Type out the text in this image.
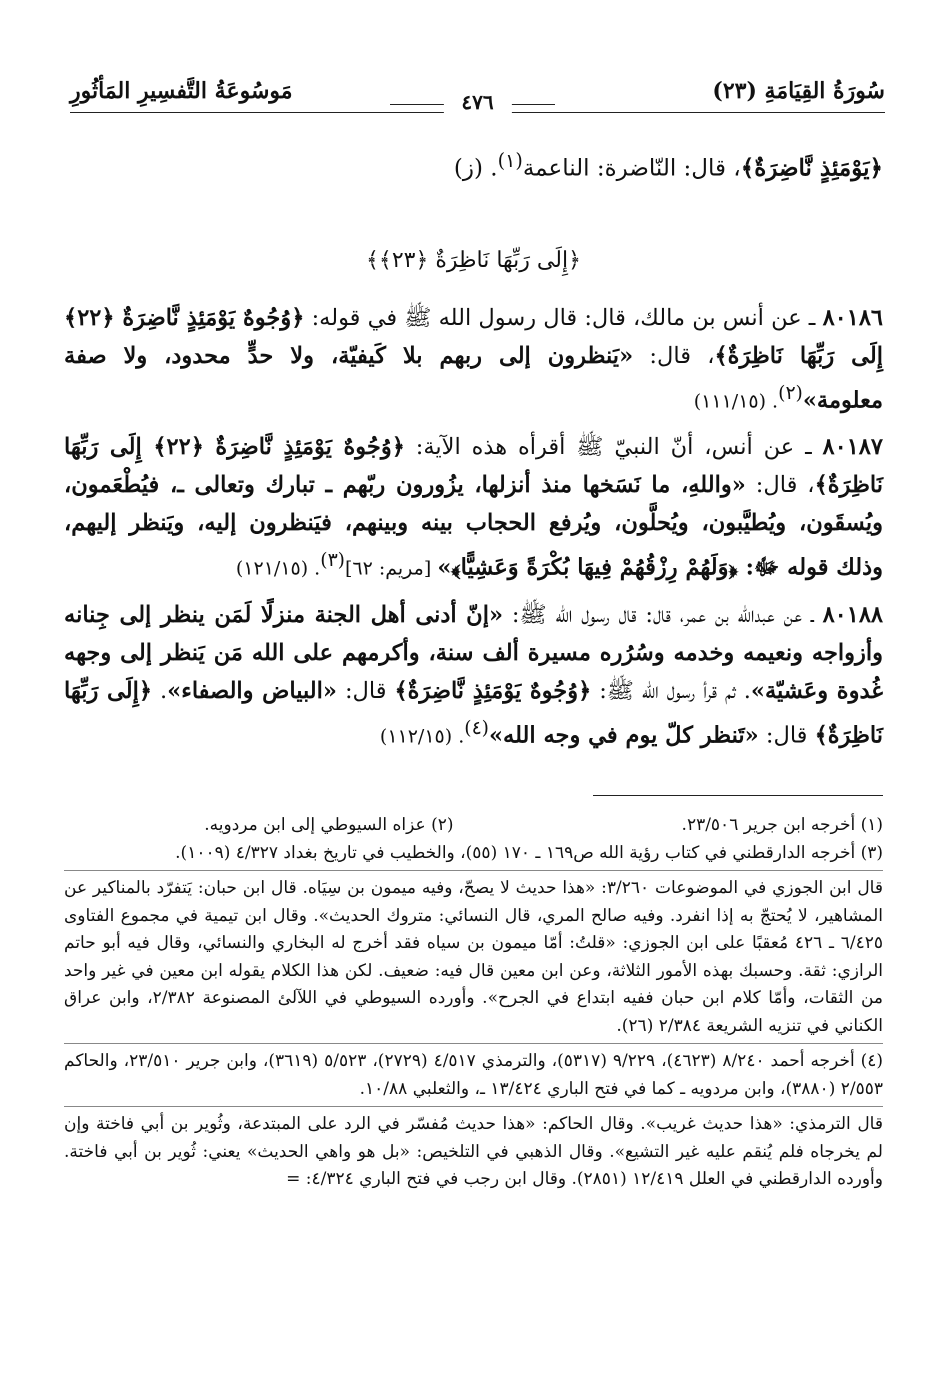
سُورَةُ القِيَامَةِ (٢٣)
٤٧٦
مَوسُوعَةُ التَّفسِيرِ المَأثُورِ

﴿يَوْمَئِذٍ نَّاضِرَةٌ﴾، قال: النّاضرة: الناعمة$^{(١)}$. (ز)

﴿إِلَى رَبِّهَا نَاظِرَةٌ ﴿٢٣﴾﴾

٨٠١٨٦ ـ عن أنس بن مالك، قال: قال رسول الله ﷺ في قوله: ﴿وُجُوهٌ يَوْمَئِذٍ نَّاضِرَةٌ ﴿٢٢﴾ إِلَى رَبِّهَا نَاظِرَةٌ﴾، قال: «يَنظرون إلى ربهم بلا كَيفيّة، ولا حدٍّ محدود، ولا صفة معلومة»$^{(٢)}$. (١١١/١٥)

٨٠١٨٧ ـ عن أنس، أنّ النبيّ ﷺ أقرأه هذه الآية: ﴿وُجُوهٌ يَوْمَئِذٍ نَّاضِرَةٌ ﴿٢٢﴾ إِلَى رَبِّهَا نَاظِرَةٌ﴾، قال: «واللهِ، ما نَسَخها منذ أنزلها، يزُورون ربّهم ـ تبارك وتعالى ـ، فيُطْعَمون، ويُسقَون، ويُطيَّبون، ويُحلَّون، ويُرفع الحجاب بينه وبينهم، فيَنظرون إليه، ويَنظر إليهم، وذلك قوله ﷻ: ﴿وَلَهُمْ رِزْقُهُمْ فِيهَا بُكْرَةً وَعَشِيًّا﴾» [مريم: ٦٢]$^{(٣)}$. (١٢١/١٥)

٨٠١٨٨ ـ عن عبدالله بن عمر، قال: قال رسول الله ﷺ: «إنّ أدنى أهل الجنة منزلًا لَمَن ينظر إلى جِنانه وأزواجه ونعيمه وخدمه وسُرُره مسيرة ألف سنة، وأكرمهم على الله مَن يَنظر إلى وجهه غُدوة وعَشيّة». ثم قرأ رسول الله ﷺ: ﴿وُجُوهٌ يَوْمَئِذٍ نَّاضِرَةٌ﴾ قال: «البياض والصفاء». ﴿إِلَى رَبِّهَا نَاظِرَةٌ﴾ قال: «تَنظر كلّ يوم في وجه الله»$^{(٤)}$. (١١٢/١٥)

(١) أخرجه ابن جرير ٢٣/٥٠٦.
(٢) عزاه السيوطي إلى ابن مردويه.

(٣) أخرجه الدارقطني في كتاب رؤية الله ص١٦٩ ـ ١٧٠ (٥٥)، والخطيب في تاريخ بغداد ٤/٣٢٧ (١٠٠٩).

قال ابن الجوزي في الموضوعات ٣/٢٦٠: «هذا حديث لا يصحّ، وفيه ميمون بن سِيَاه. قال ابن حبان: يَتفرّد بالمناكير عن المشاهير، لا يُحتجّ به إذا انفرد. وفيه صالح المري، قال النسائي: متروك الحديث». وقال ابن تيمية في مجموع الفتاوى ٦/٤٢٥ ـ ٤٢٦ مُعقبًا على ابن الجوزي: «قلتُ: أمّا ميمون بن سياه فقد أخرج له البخاري والنسائي، وقال فيه أبو حاتم الرازي: ثقة. وحسبك بهذه الأمور الثلاثة، وعن ابن معين قال فيه: ضعيف. لكن هذا الكلام يقوله ابن معين في غير واحد من الثقات، وأمّا كلام ابن حبان ففيه ابتداع في الجرح». وأورده السيوطي في اللآلئ المصنوعة ٢/٣٨٢، وابن عراق الكناني في تنزيه الشريعة ٢/٣٨٤ (٢٦).

(٤) أخرجه أحمد ٨/٢٤٠ (٤٦٢٣)، ٩/٢٢٩ (٥٣١٧)، والترمذي ٤/٥١٧ (٢٧٢٩)، ٥/٥٢٣ (٣٦١٩)، وابن جرير ٢٣/٥١٠، والحاكم ٢/٥٥٣ (٣٨٨٠)، وابن مردويه ـ كما في فتح الباري ١٣/٤٢٤ ـ، والثعلبي ١٠/٨٨.

قال الترمذي: «هذا حديث غريب». وقال الحاكم: «هذا حديث مُفسّر في الرد على المبتدعة، وثُوير بن أبي فاختة وإن لم يخرجاه فلم يُنقم عليه غير التشيع». وقال الذهبي في التلخيص: «بل هو واهي الحديث» يعني: ثُوير بن أبي فاختة. وأورده الدارقطني في العلل ١٢/٤١٩ (٢٨٥١). وقال ابن رجب في فتح الباري ٤/٣٢٤: =
